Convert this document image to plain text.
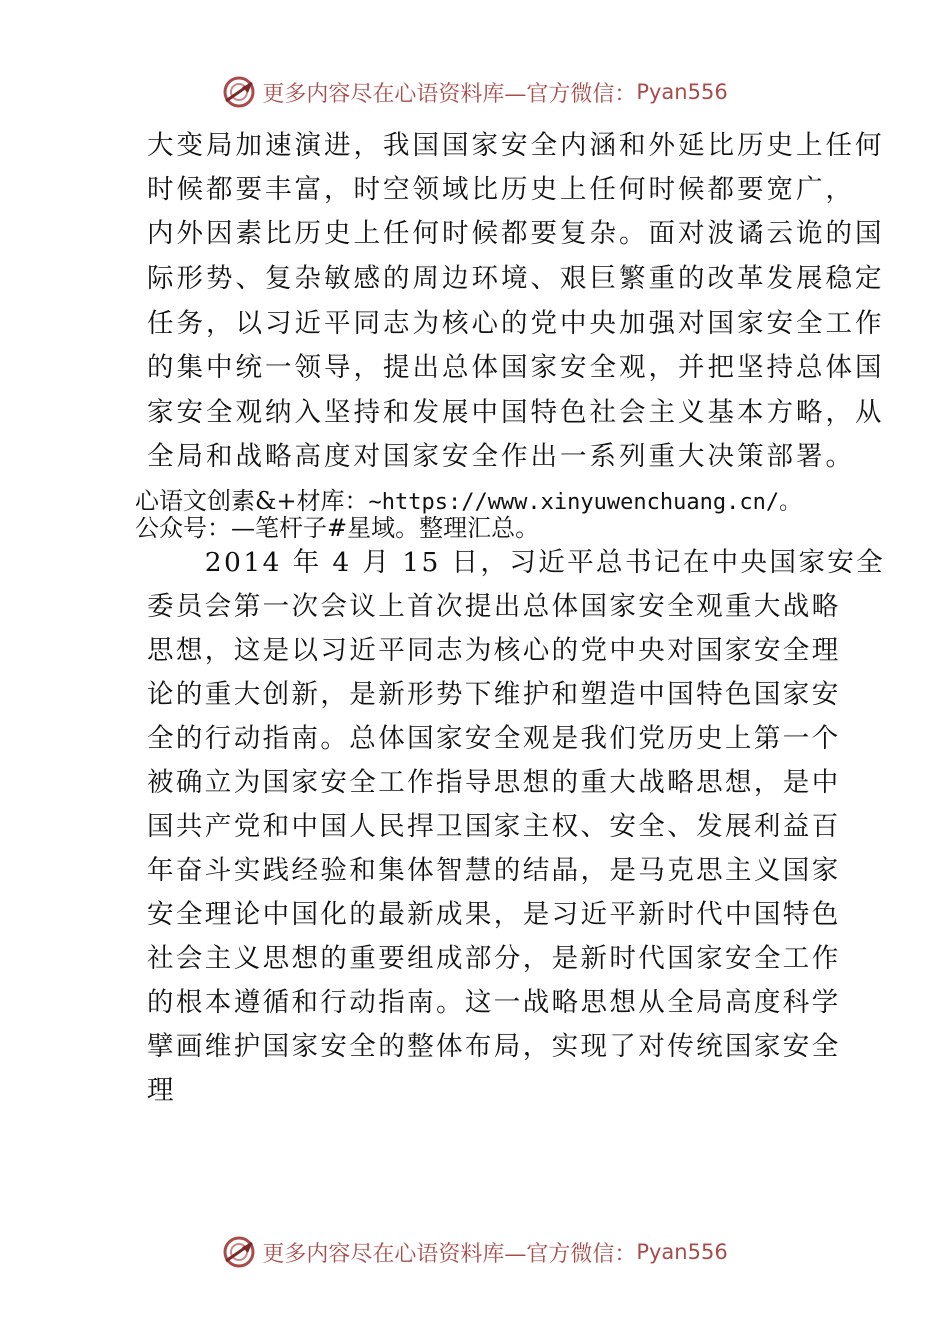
更多内容尽在心语资料库—官方微信： Pyan556
大变局加速演进，我国国家安全内涵和外延比历史上任何
时候都要丰富，时空领域比历史上任何时候都要宽广，
内外因素比历史上任何时候都要复杂。面对波谲云诡的国
际形势、复杂敏感的周边环境、艰巨繁重的改革发展稳定
任务，以习近平同志为核心的党中央加强对国家安全工作
的集中统一领导，提出总体国家安全观，并把坚持总体国
家安全观纳入坚持和发展中国特色社会主义基本方略，从
全局和战略高度对国家安全作出一系列重大决策部署。
心语文创素&+材库：~https://www.xinyuwenchuang.cn/。
公众号：—笔杆子#星域。整理汇总。
　　2014 年 4 月 15 日，习近平总书记在中央国家安全
委员会第一次会议上首次提出总体国家安全观重大战略
思想，这是以习近平同志为核心的党中央对国家安全理
论的重大创新，是新形势下维护和塑造中国特色国家安
全的行动指南。总体国家安全观是我们党历史上第一个
被确立为国家安全工作指导思想的重大战略思想，是中
国共产党和中国人民捍卫国家主权、安全、发展利益百
年奋斗实践经验和集体智慧的结晶，是马克思主义国家
安全理论中国化的最新成果，是习近平新时代中国特色
社会主义思想的重要组成部分，是新时代国家安全工作
的根本遵循和行动指南。这一战略思想从全局高度科学
擘画维护国家安全的整体布局，实现了对传统国家安全
理
更多内容尽在心语资料库—官方微信： Pyan556
